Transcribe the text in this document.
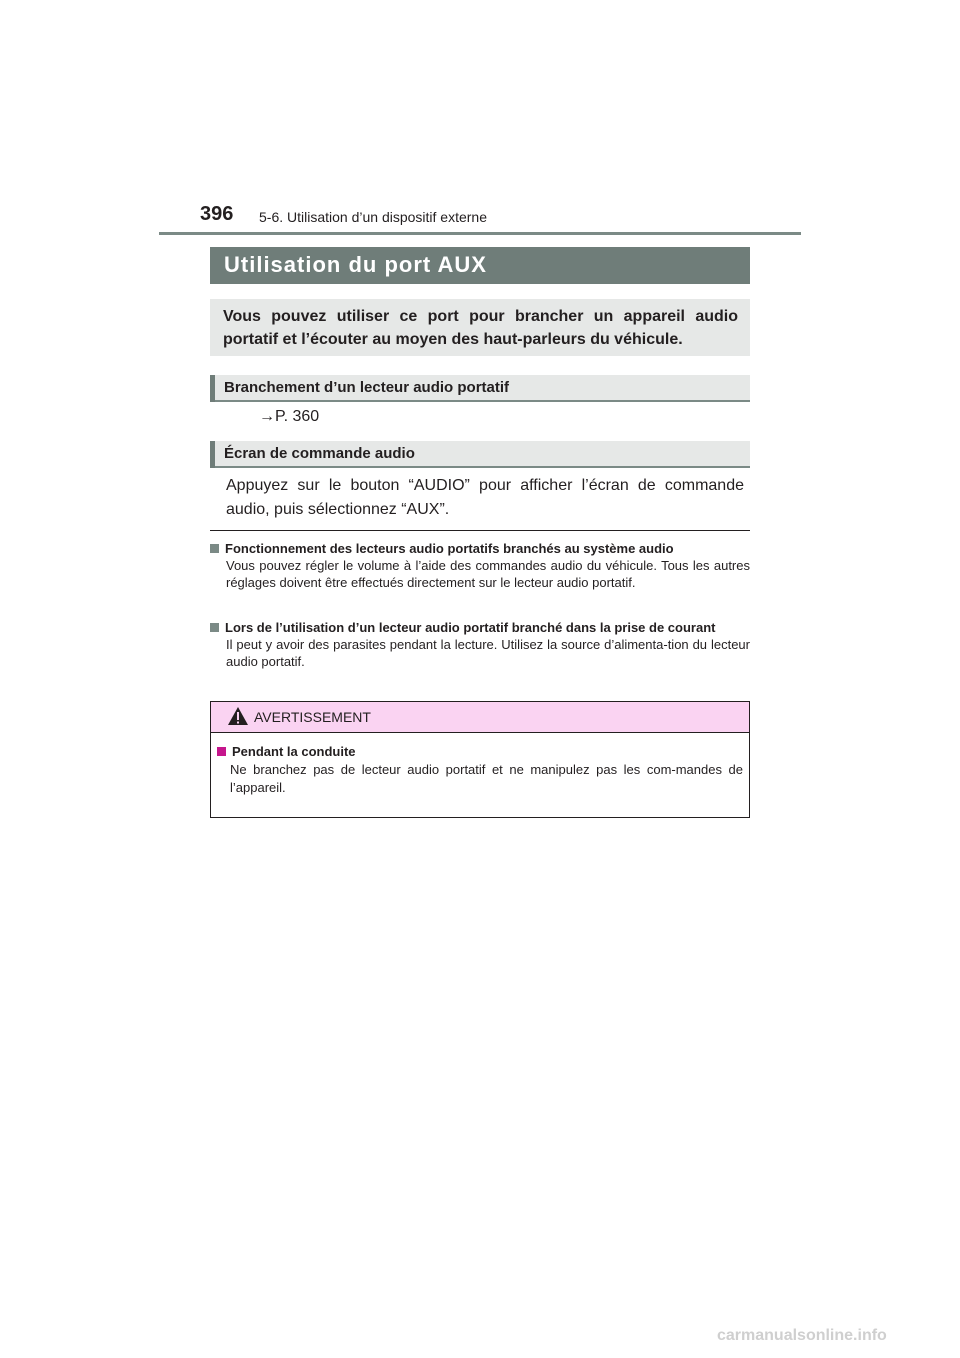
396 5-6. Utilisation d’un dispositif externe
Utilisation du port AUX
Vous pouvez utiliser ce port pour brancher un appareil audio portatif et l’écouter au moyen des haut-parleurs du véhicule.
Branchement d’un lecteur audio portatif
→P. 360
Écran de commande audio
Appuyez sur le bouton “AUDIO” pour afficher l’écran de commande audio, puis sélectionnez “AUX”.
Fonctionnement des lecteurs audio portatifs branchés au système audio
Vous pouvez régler le volume à l’aide des commandes audio du véhicule. Tous les autres réglages doivent être effectués directement sur le lecteur audio portatif.
Lors de l’utilisation d’un lecteur audio portatif branché dans la prise de courant
Il peut y avoir des parasites pendant la lecture. Utilisez la source d’alimenta-tion du lecteur audio portatif.
AVERTISSEMENT
Pendant la conduite
Ne branchez pas de lecteur audio portatif et ne manipulez pas les com-mandes de l’appareil.
carmanualsonline.info
